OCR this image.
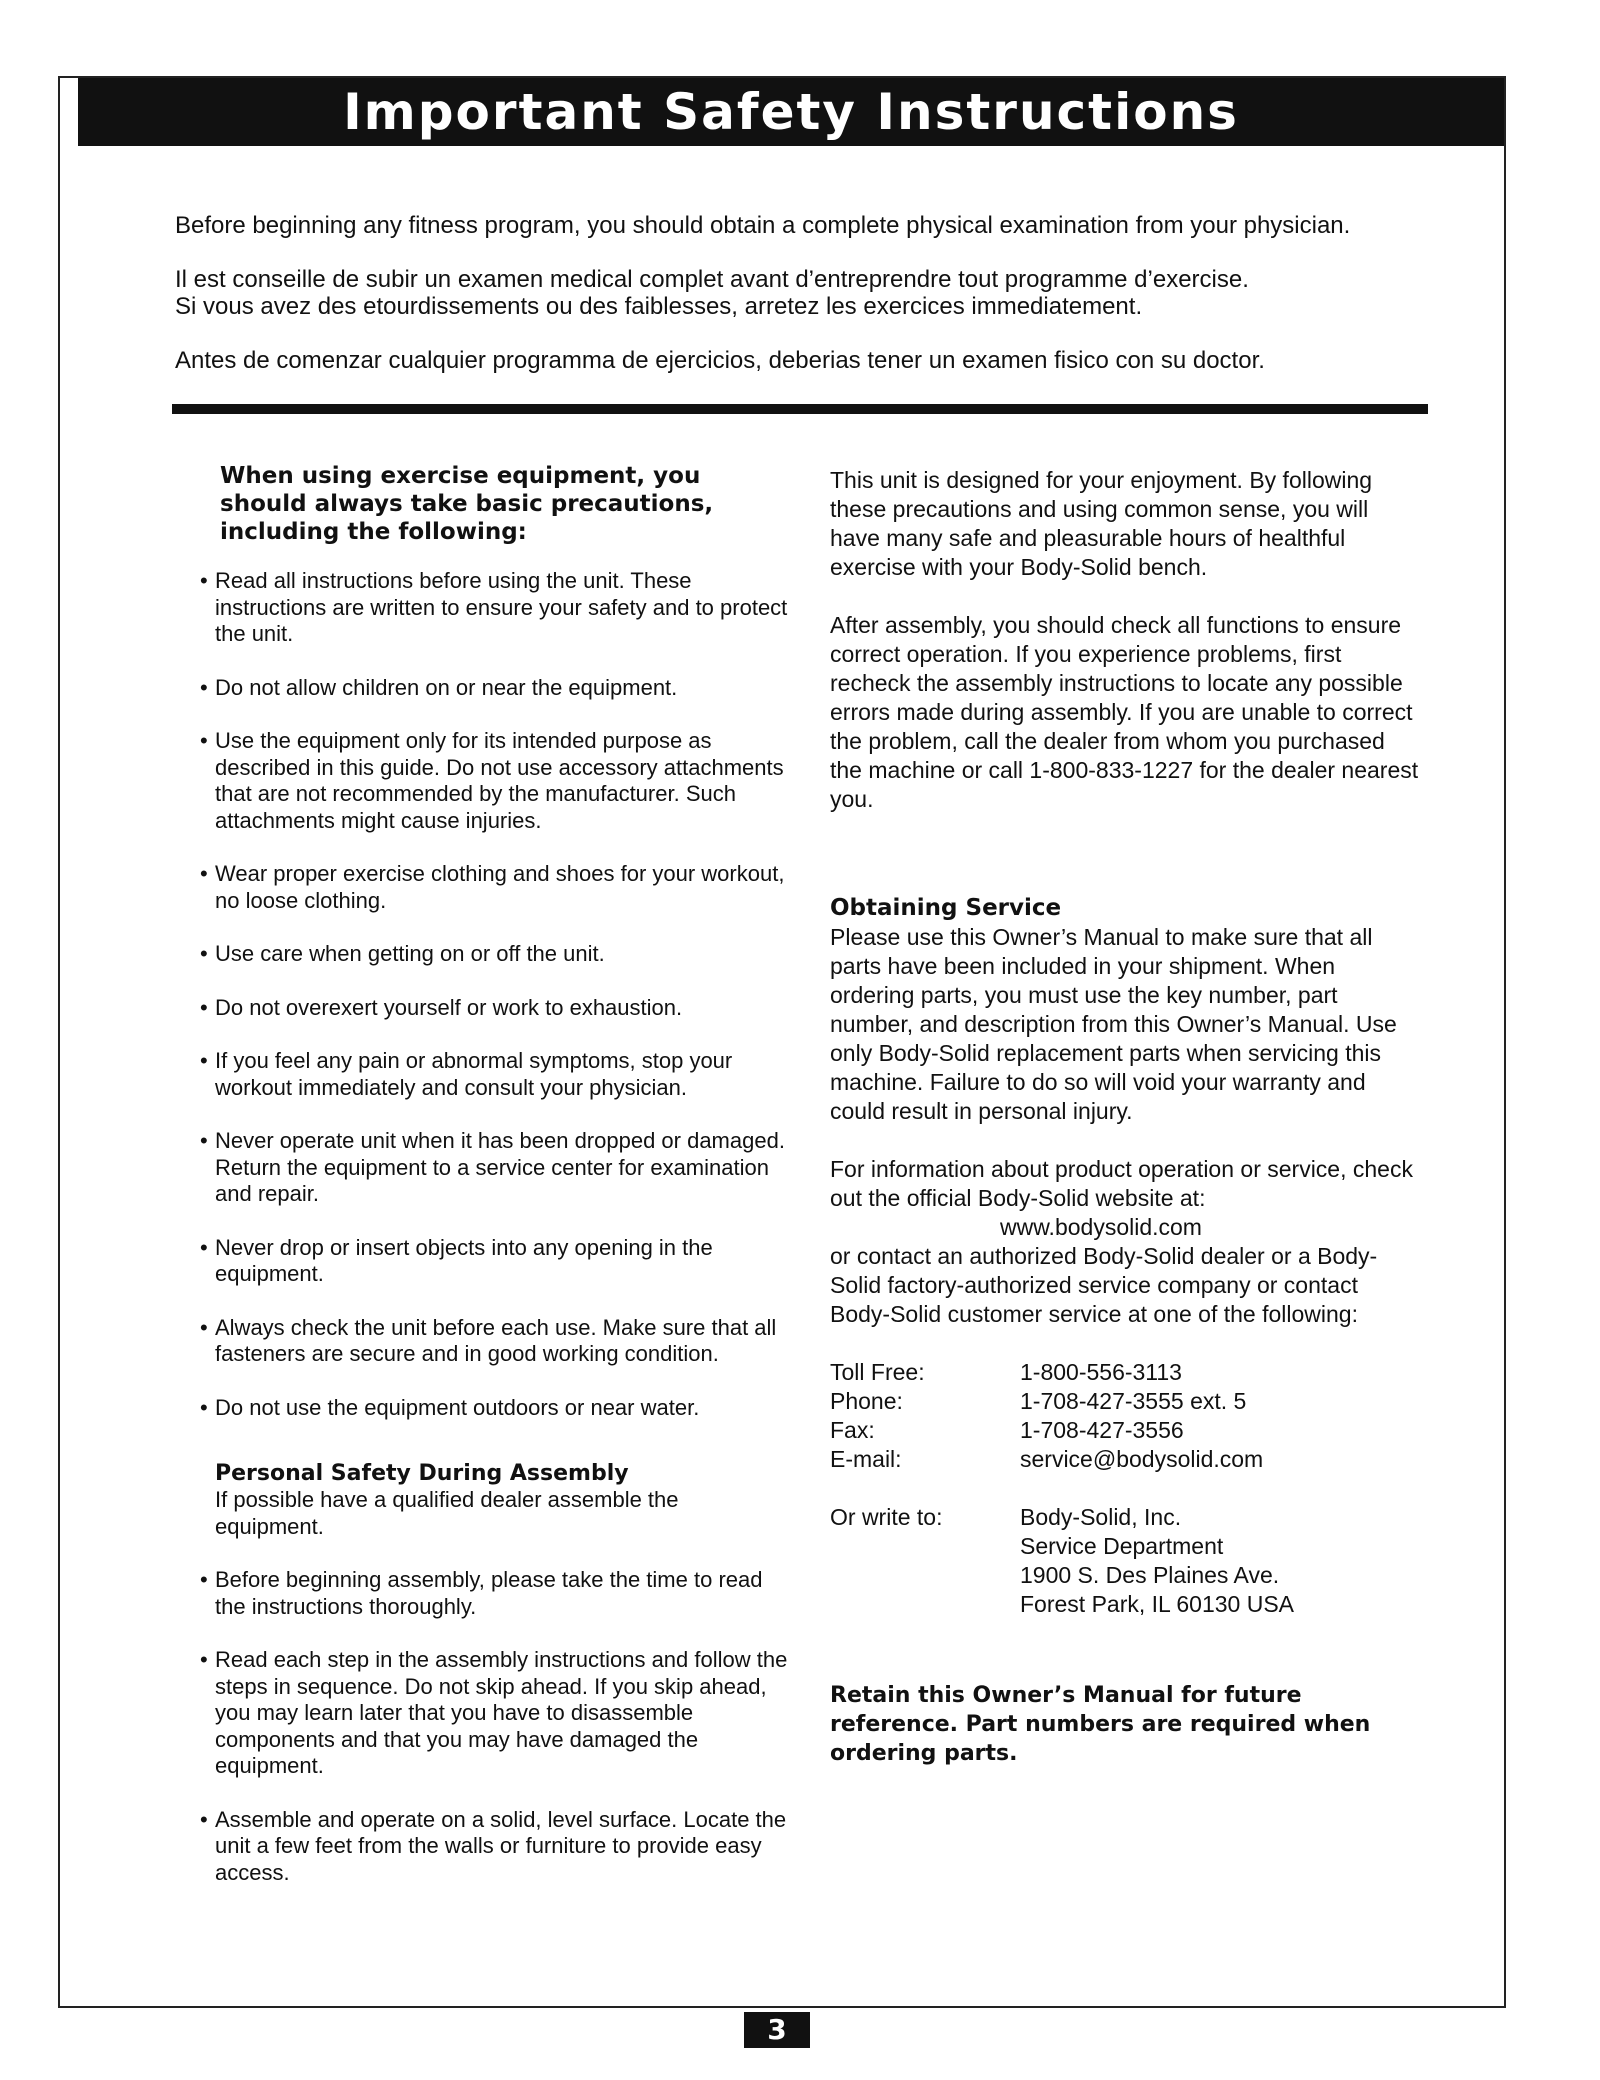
Important Safety Instructions

Before beginning any fitness program, you should obtain a complete physical examination from your physician.

Il est conseille de subir un examen medical complet avant d’entreprendre tout programme d’exercise.
Si vous avez des etourdissements ou des faiblesses, arretez les exercices immediatement.

Antes de comenzar cualquier programma de ejercicios, deberias tener un examen fisico con su doctor.

When using exercise equipment, you should always take basic precautions, including the following:
• Read all instructions before using the unit. These instructions are written to ensure your safety and to protect the unit.
• Do not allow children on or near the equipment.
• Use the equipment only for its intended purpose as described in this guide. Do not use accessory attachments that are not recommended by the manufacturer. Such attachments might cause injuries.
• Wear proper exercise clothing and shoes for your workout, no loose clothing.
• Use care when getting on or off the unit.
• Do not overexert yourself or work to exhaustion.
• If you feel any pain or abnormal symptoms, stop your workout immediately and consult your physician.
• Never operate unit when it has been dropped or damaged. Return the equipment to a service center for examination and repair.
• Never drop or insert objects into any opening in the equipment.
• Always check the unit before each use. Make sure that all fasteners are secure and in good working condition.
• Do not use the equipment outdoors or near water.
Personal Safety During Assembly
If possible have a qualified dealer assemble the equipment.
• Before beginning assembly, please take the time to read the instructions thoroughly.
• Read each step in the assembly instructions and follow the steps in sequence. Do not skip ahead. If you skip ahead, you may learn later that you have to disassemble components and that you may have damaged the equipment.
• Assemble and operate on a solid, level surface. Locate the unit a few feet from the walls or furniture to provide easy access.

This unit is designed for your enjoyment. By following these precautions and using common sense, you will have many safe and pleasurable hours of healthful exercise with your Body-Solid bench.

After assembly, you should check all functions to ensure correct operation. If you experience problems, first recheck the assembly instructions to locate any possible errors made during assembly. If you are unable to correct the problem, call the dealer from whom you purchased the machine or call 1-800-833-1227 for the dealer nearest you.

Obtaining Service

Please use this Owner’s Manual to make sure that all parts have been included in your shipment. When ordering parts, you must use the key number, part number, and description from this Owner’s Manual. Use only Body-Solid replacement parts when servicing this machine. Failure to do so will void your warranty and could result in personal injury.

For information about product operation or service, check out the official Body-Solid website at:
www.bodysolid.com

or contact an authorized Body-Solid dealer or a Body-Solid factory-authorized service company or contact Body-Solid customer service at one of the following:

Toll Free:	1-800-556-3113
Phone:	1-708-427-3555 ext. 5
Fax:	1-708-427-3556
E-mail:	service@bodysolid.com

Or write to:	Body-Solid, Inc.
Service Department
1900 S. Des Plaines Ave.
Forest Park, IL 60130 USA
Retain this Owner’s Manual for future reference. Part numbers are required when ordering parts.
3
